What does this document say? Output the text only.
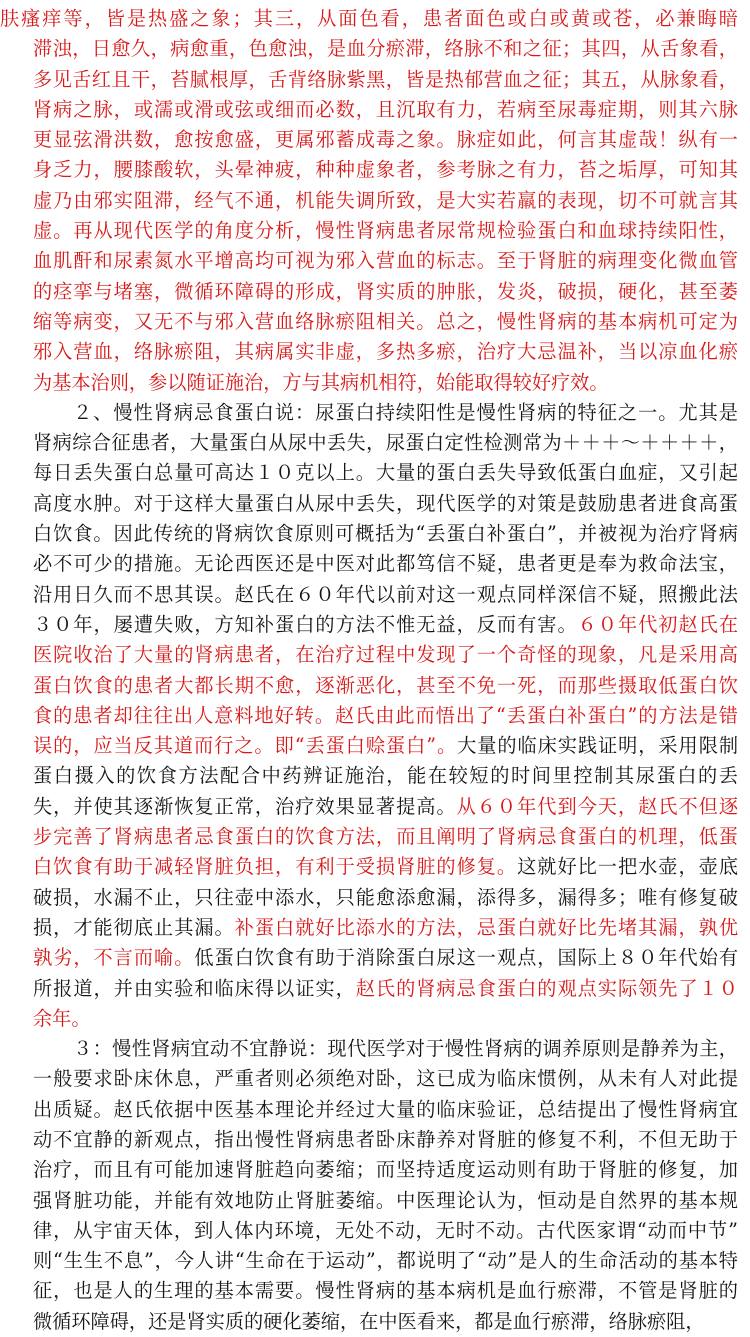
肤瘙痒等，皆是热盛之象；其三，从面色看，患者面色或白或黄或苍，必兼晦暗
滞浊，日愈久，病愈重，色愈浊，是血分瘀滞，络脉不和之征；其四，从舌象看，
多见舌红且干，苔腻根厚，舌背络脉紫黑，皆是热郁营血之征；其五，从脉象看，
肾病之脉，或濡或滑或弦或细而必数，且沉取有力，若病至尿毒症期，则其六脉
更显弦滑洪数，愈按愈盛，更属邪蓄成毒之象。脉症如此，何言其虚哉！纵有一
身乏力，腰膝酸软，头晕神疲，种种虚象者，参考脉之有力，苔之垢厚，可知其
虚乃由邪实阻滞，经气不通，机能失调所致，是大实若羸的表现，切不可就言其
虚。再从现代医学的角度分析，慢性肾病患者尿常规检验蛋白和血球持续阳性，
血肌酐和尿素氮水平增高均可视为邪入营血的标志。至于肾脏的病理变化微血管
的痉挛与堵塞，微循环障碍的形成，肾实质的肿胀，发炎，破损，硬化，甚至萎
缩等病变，又无不与邪入营血络脉瘀阻相关。总之，慢性肾病的基本病机可定为
邪入营血，络脉瘀阻，其病属实非虚，多热多瘀，治疗大忌温补，当以凉血化瘀
为基本治则，参以随证施治，方与其病机相符，始能取得较好疗效。
２、慢性肾病忌食蛋白说：尿蛋白持续阳性是慢性肾病的特征之一。尤其是
肾病综合征患者，大量蛋白从尿中丢失，尿蛋白定性检测常为＋＋＋～＋＋＋＋，
每日丢失蛋白总量可高达１０克以上。大量的蛋白丢失导致低蛋白血症，又引起
高度水肿。对于这样大量蛋白从尿中丢失，现代医学的对策是鼓励患者进食高蛋
白饮食。因此传统的肾病饮食原则可概括为“丢蛋白补蛋白”，并被视为治疗肾病
必不可少的措施。无论西医还是中医对此都笃信不疑，患者更是奉为救命法宝，
沿用日久而不思其误。赵氏在６０年代以前对这一观点同样深信不疑，照搬此法
３０年，屡遭失败，方知补蛋白的方法不惟无益，反而有害。６０年代初赵氏在
医院收治了大量的肾病患者，在治疗过程中发现了一个奇怪的现象，凡是采用高
蛋白饮食的患者大都长期不愈，逐渐恶化，甚至不免一死，而那些摄取低蛋白饮
食的患者却往往出人意料地好转。赵氏由此而悟出了“丢蛋白补蛋白”的方法是错
误的，应当反其道而行之。即“丢蛋白赊蛋白”。大量的临床实践证明，采用限制
蛋白摄入的饮食方法配合中药辨证施治，能在较短的时间里控制其尿蛋白的丢
失，并使其逐渐恢复正常，治疗效果显著提高。从６０年代到今天，赵氏不但逐
步完善了肾病患者忌食蛋白的饮食方法，而且阐明了肾病忌食蛋白的机理，低蛋
白饮食有助于减轻肾脏负担，有利于受损肾脏的修复。这就好比一把水壶，壶底
破损，水漏不止，只往壶中添水，只能愈添愈漏，添得多，漏得多；唯有修复破
损，才能彻底止其漏。补蛋白就好比添水的方法，忌蛋白就好比先堵其漏，孰优
孰劣，不言而喻。低蛋白饮食有助于消除蛋白尿这一观点，国际上８０年代始有
所报道，并由实验和临床得以证实，赵氏的肾病忌食蛋白的观点实际领先了１０
余年。
３：慢性肾病宜动不宜静说：现代医学对于慢性肾病的调养原则是静养为主，
一般要求卧床休息，严重者则必须绝对卧，这已成为临床惯例，从未有人对此提
出质疑。赵氏依据中医基本理论并经过大量的临床验证，总结提出了慢性肾病宜
动不宜静的新观点，指出慢性肾病患者卧床静养对肾脏的修复不利，不但无助于
治疗，而且有可能加速肾脏趋向萎缩；而坚持适度运动则有助于肾脏的修复，加
强肾脏功能，并能有效地防止肾脏萎缩。中医理论认为，恒动是自然界的基本规
律，从宇宙天体，到人体内环境，无处不动，无时不动。古代医家谓“动而中节”
则“生生不息”，今人讲“生命在于运动”，都说明了“动”是人的生命活动的基本特
征，也是人的生理的基本需要。慢性肾病的基本病机是血行瘀滞，不管是肾脏的
微循环障碍，还是肾实质的硬化萎缩，在中医看来，都是血行瘀滞，络脉瘀阻，
